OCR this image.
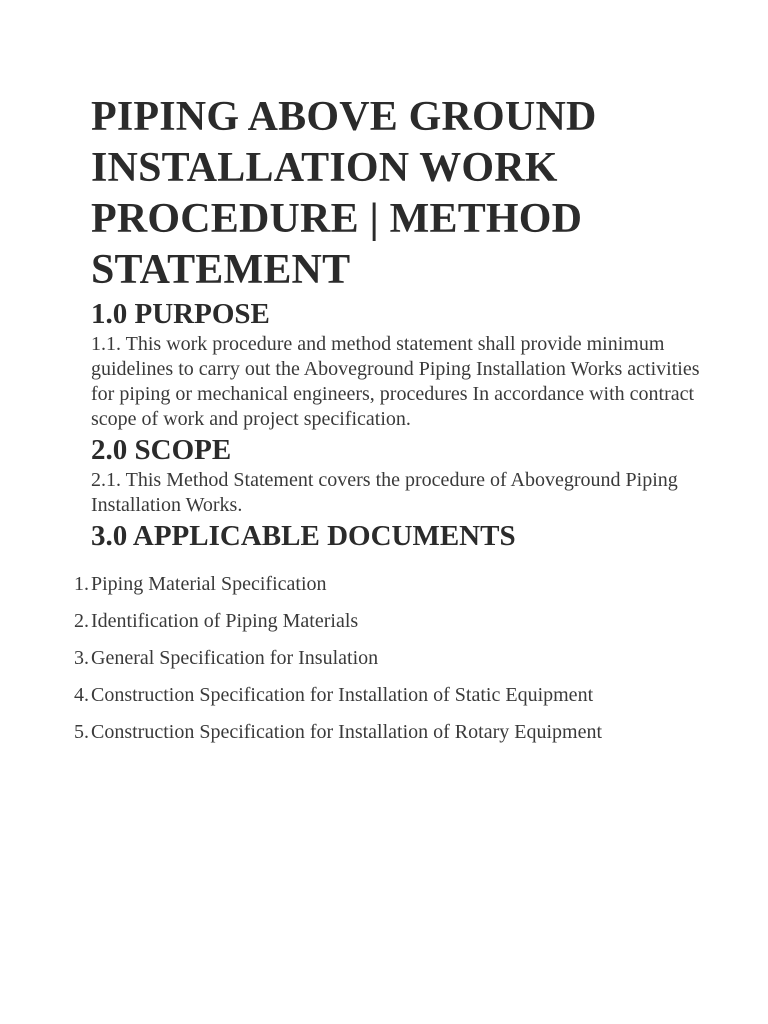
PIPING ABOVE GROUND INSTALLATION WORK PROCEDURE | METHOD STATEMENT
1.0 PURPOSE

1.1. This work procedure and method statement shall provide minimum guidelines to carry out the Aboveground Piping Installation Works activities for piping or mechanical engineers, procedures In accordance with contract scope of work and project specification.

2.0 SCOPE

2.1. This Method Statement covers the procedure of Aboveground Piping Installation Works.

3.0 APPLICABLE DOCUMENTS
1. Piping Material Specification
2. Identification of Piping Materials
3. General Specification for Insulation
4. Construction Specification for Installation of Static Equipment
5. Construction Specification for Installation of Rotary Equipment
